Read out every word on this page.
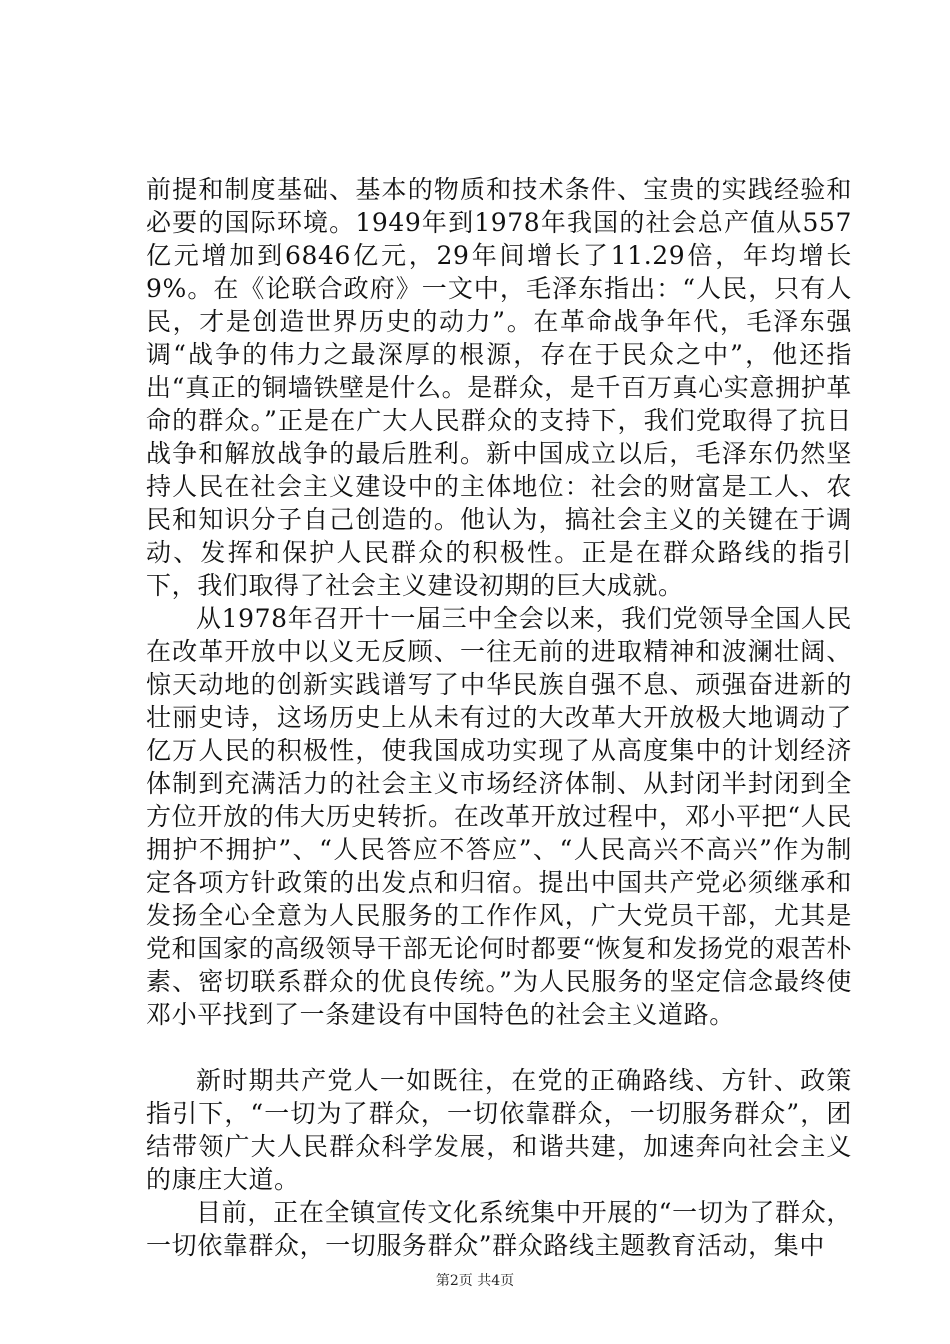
前提和制度基础、基本的物质和技术条件、宝贵的实践经验和必要的国际环境。1949年到1978年我国的社会总产值从557亿元增加到6846亿元，29年间增长了11.29倍，年均增长9%。在《论联合政府》一文中，毛泽东指出：“人民，只有人民，才是创造世界历史的动力”。在革命战争年代，毛泽东强调“战争的伟力之最深厚的根源，存在于民众之中”，他还指出“真正的铜墙铁壁是什么。是群众，是千百万真心实意拥护革命的群众。”正是在广大人民群众的支持下，我们党取得了抗日战争和解放战争的最后胜利。新中国成立以后，毛泽东仍然坚持人民在社会主义建设中的主体地位：社会的财富是工人、农民和知识分子自己创造的。他认为，搞社会主义的关键在于调动、发挥和保护人民群众的积极性。正是在群众路线的指引下，我们取得了社会主义建设初期的巨大成就。

从1978年召开十一届三中全会以来，我们党领导全国人民在改革开放中以义无反顾、一往无前的进取精神和波澜壮阔、惊天动地的创新实践谱写了中华民族自强不息、顽强奋进新的壮丽史诗，这场历史上从未有过的大改革大开放极大地调动了亿万人民的积极性，使我国成功实现了从高度集中的计划经济体制到充满活力的社会主义市场经济体制、从封闭半封闭到全方位开放的伟大历史转折。在改革开放过程中，邓小平把“人民拥护不拥护”、“人民答应不答应”、“人民高兴不高兴”作为制定各项方针政策的出发点和归宿。提出中国共产党必须继承和发扬全心全意为人民服务的工作作风，广大党员干部，尤其是党和国家的高级领导干部无论何时都要“恢复和发扬党的艰苦朴素、密切联系群众的优良传统。”为人民服务的坚定信念最终使邓小平找到了一条建设有中国特色的社会主义道路。

新时期共产党人一如既往，在党的正确路线、方针、政策指引下，“一切为了群众，一切依靠群众，一切服务群众”，团结带领广大人民群众科学发展，和谐共建，加速奔向社会主义的康庄大道。

目前，正在全镇宣传文化系统集中开展的“一切为了群众，一切依靠群众，一切服务群众”群众路线主题教育活动，集中

第2页 共4页
